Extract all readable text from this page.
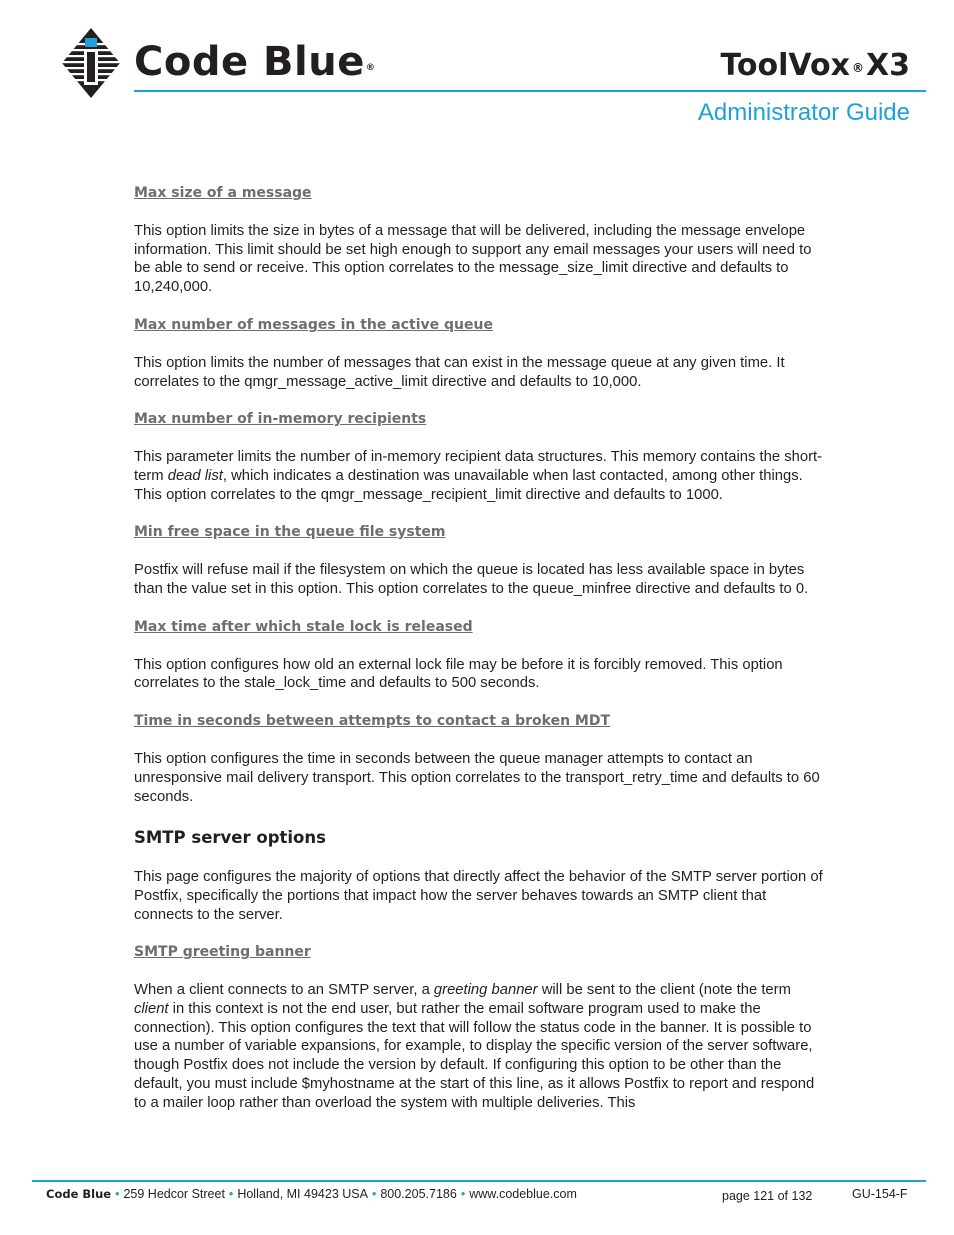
Code Blue®	ToolVox ®X3
Administrator Guide

Max size of a message

This option limits the size in bytes of a message that will be delivered, including the message envelope information. This limit should be set high enough to support any email messages your users will need to be able to send or receive. This option correlates to the message_size_limit directive and defaults to 10,240,000.

Max number of messages in the active queue

This option limits the number of messages that can exist in the message queue at any given time. It correlates to the qmgr_message_active_limit directive and defaults to 10,000.

Max number of in-memory recipients

This parameter limits the number of in-memory recipient data structures. This memory contains the short-term dead list, which indicates a destination was unavailable when last contacted, among other things. This option correlates to the qmgr_message_recipient_limit directive and defaults to 1000.

Min free space in the queue file system

Postfix will refuse mail if the filesystem on which the queue is located has less available space in bytes than the value set in this option. This option correlates to the queue_minfree directive and defaults to 0.

Max time after which stale lock is released

This option configures how old an external lock file may be before it is forcibly removed. This option correlates to the stale_lock_time and defaults to 500 seconds.

Time in seconds between attempts to contact a broken MDT

This option configures the time in seconds between the queue manager attempts to contact an unresponsive mail delivery transport. This option correlates to the transport_retry_time and defaults to 60 seconds.

SMTP server options

This page configures the majority of options that directly affect the behavior of the SMTP server portion of Postfix, specifically the portions that impact how the server behaves towards an SMTP client that connects to the server.

SMTP greeting banner

When a client connects to an SMTP server, a greeting banner will be sent to the client (note the term client in this context is not the end user, but rather the email software program used to make the connection). This option configures the text that will follow the status code in the banner. It is possible to use a number of variable expansions, for example, to display the specific version of the server software, though Postfix does not include the version by default. If configuring this option to be other than the default, you must include $myhostname at the start of this line, as it allows Postfix to report and respond to a mailer loop rather than overload the system with multiple deliveries. This

Code Blue • 259 Hedcor Street • Holland, MI 49423 USA • 800.205.7186 • www.codeblue.com	page 121 of 132	GU-154-F
